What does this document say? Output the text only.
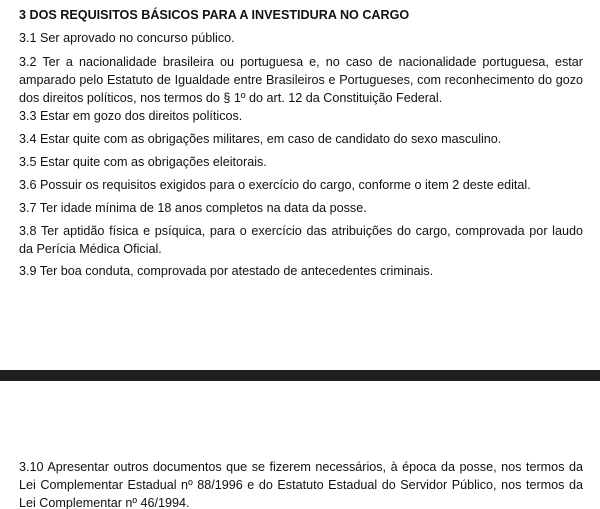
3 DOS REQUISITOS BÁSICOS PARA A INVESTIDURA NO CARGO

3.1 Ser aprovado no concurso público.

3.2 Ter a nacionalidade brasileira ou portuguesa e, no caso de nacionalidade portuguesa, estar amparado pelo Estatuto de Igualdade entre Brasileiros e Portugueses, com reconhecimento do gozo dos direitos políticos, nos termos do § 1º do art. 12 da Constituição Federal.

3.3 Estar em gozo dos direitos políticos.

3.4 Estar quite com as obrigações militares, em caso de candidato do sexo masculino.

3.5 Estar quite com as obrigações eleitorais.

3.6 Possuir os requisitos exigidos para o exercício do cargo, conforme o item 2 deste edital.

3.7 Ter idade mínima de 18 anos completos na data da posse.

3.8 Ter aptidão física e psíquica, para o exercício das atribuições do cargo, comprovada por laudo da Perícia Médica Oficial.

3.9 Ter boa conduta, comprovada por atestado de antecedentes criminais.

3.10 Apresentar outros documentos que se fizerem necessários, à época da posse, nos termos da Lei Complementar Estadual nº 88/1996 e do Estatuto Estadual do Servidor Público, nos termos da Lei Complementar nº 46/1994.
